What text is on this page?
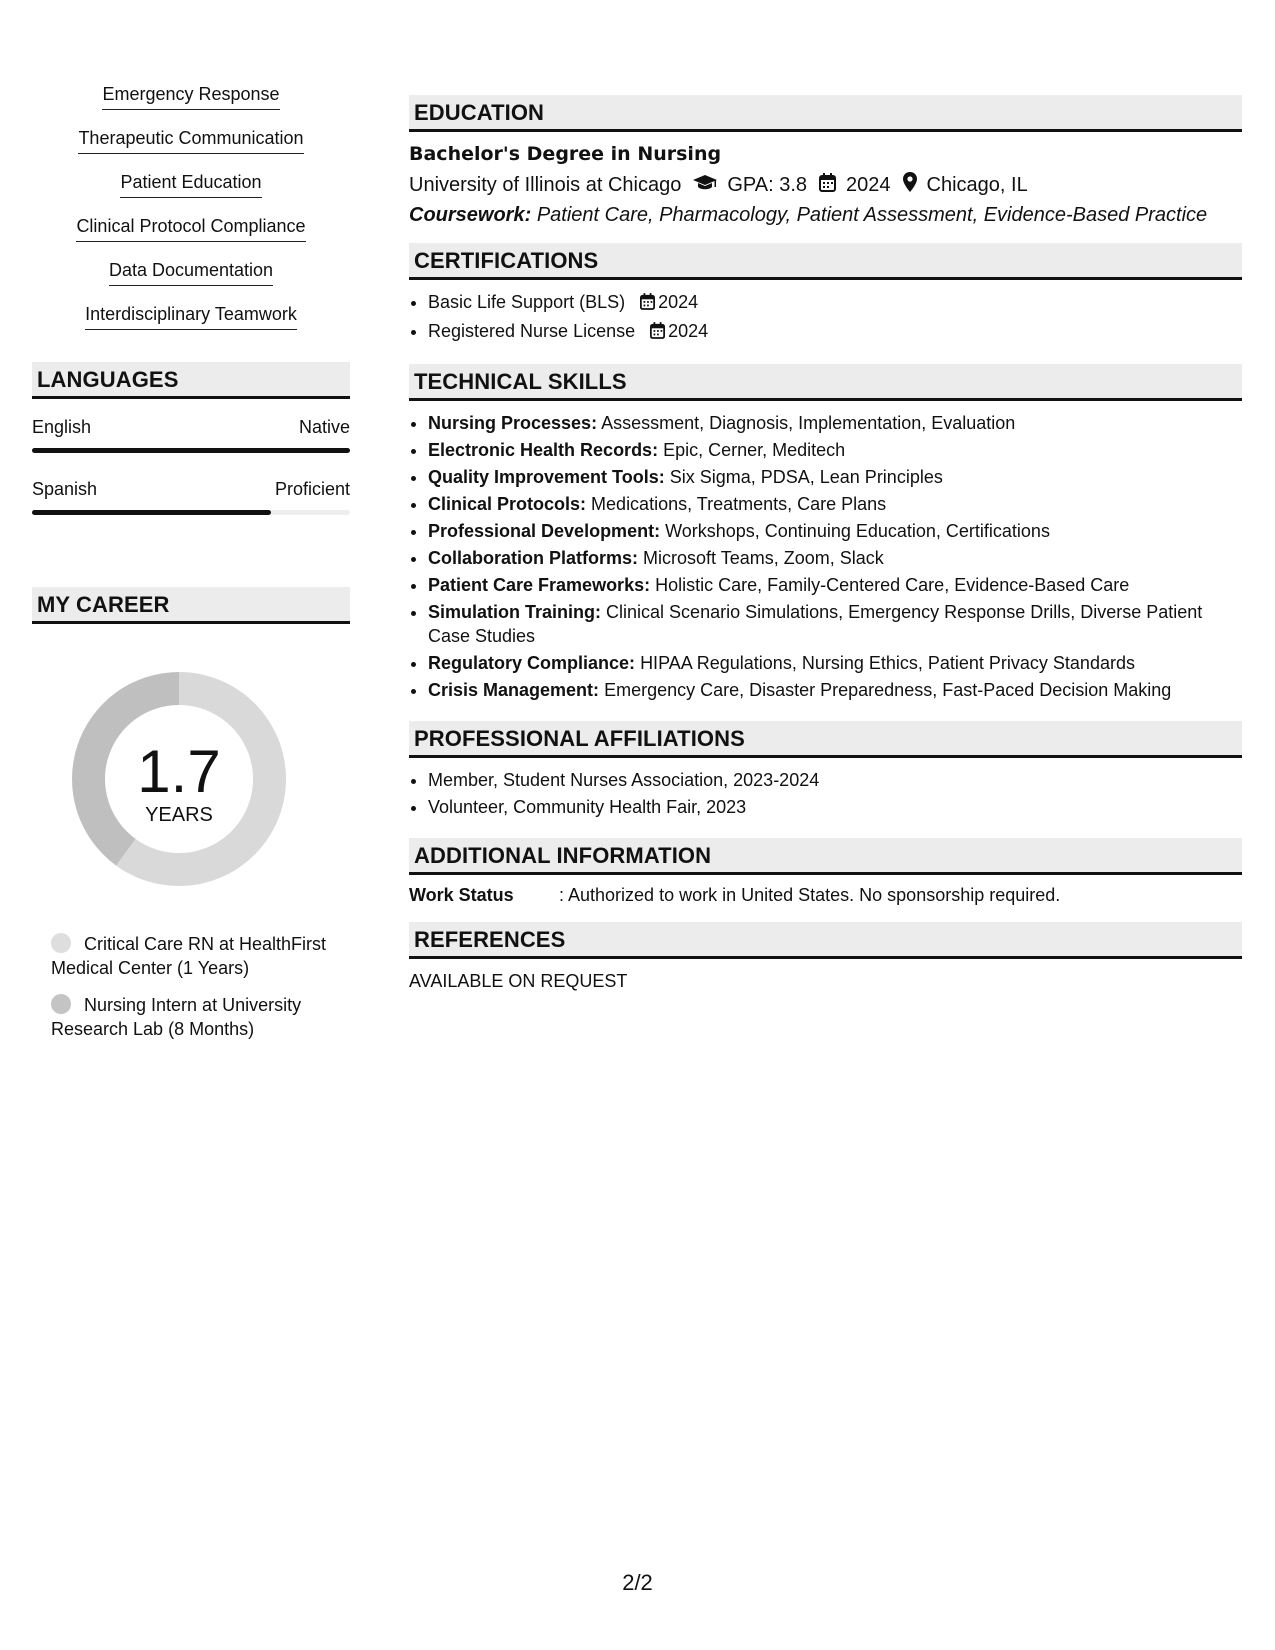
Emergency Response
Therapeutic Communication
Patient Education
Clinical Protocol Compliance
Data Documentation
Interdisciplinary Teamwork
LANGUAGES
English	Native
Spanish	Proficient
MY CAREER
1.7
YEARS
Critical Care RN at HealthFirst Medical Center (1 Years)
Nursing Intern at University Research Lab (8 Months)
EDUCATION
Bachelor's Degree in Nursing
University of Illinois at Chicago GPA: 3.8 2024 Chicago, IL
Coursework: Patient Care, Pharmacology, Patient Assessment, Evidence-Based Practice
CERTIFICATIONS
• Basic Life Support (BLS) 2024
• Registered Nurse License 2024
TECHNICAL SKILLS
• Nursing Processes: Assessment, Diagnosis, Implementation, Evaluation
• Electronic Health Records: Epic, Cerner, Meditech
• Quality Improvement Tools: Six Sigma, PDSA, Lean Principles
• Clinical Protocols: Medications, Treatments, Care Plans
• Professional Development: Workshops, Continuing Education, Certifications
• Collaboration Platforms: Microsoft Teams, Zoom, Slack
• Patient Care Frameworks: Holistic Care, Family-Centered Care, Evidence-Based Care
• Simulation Training: Clinical Scenario Simulations, Emergency Response Drills, Diverse Patient Case Studies
• Regulatory Compliance: HIPAA Regulations, Nursing Ethics, Patient Privacy Standards
• Crisis Management: Emergency Care, Disaster Preparedness, Fast-Paced Decision Making
PROFESSIONAL AFFILIATIONS
• Member, Student Nurses Association, 2023-2024
• Volunteer, Community Health Fair, 2023
ADDITIONAL INFORMATION
Work Status	: Authorized to work in United States. No sponsorship required.
REFERENCES
AVAILABLE ON REQUEST
2/2
